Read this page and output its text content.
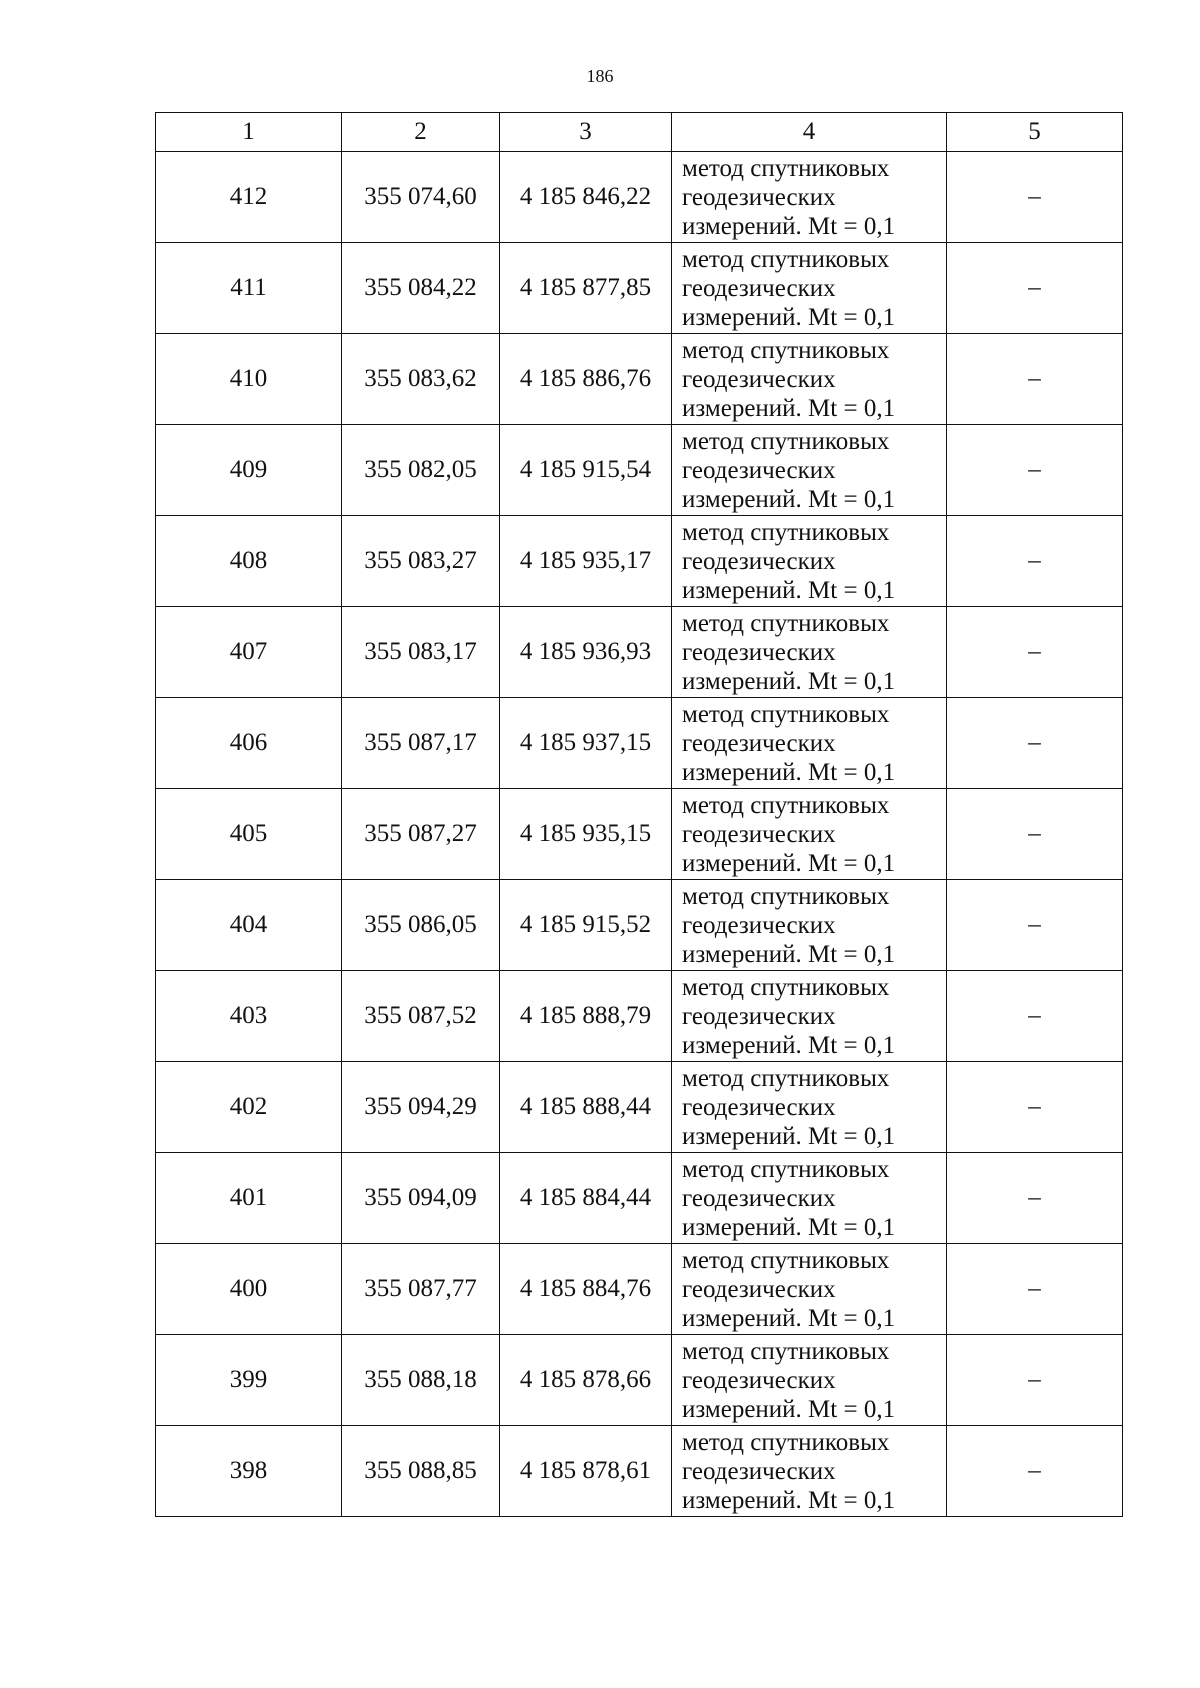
186
1	2	3	4	5
412	355 074,60	4 185 846,22	метод спутниковых
геодезических
измерений. Mt = 0,1	–
411	355 084,22	4 185 877,85	метод спутниковых
геодезических
измерений. Mt = 0,1	–
410	355 083,62	4 185 886,76	метод спутниковых
геодезических
измерений. Mt = 0,1	–
409	355 082,05	4 185 915,54	метод спутниковых
геодезических
измерений. Mt = 0,1	–
408	355 083,27	4 185 935,17	метод спутниковых
геодезических
измерений. Mt = 0,1	–
407	355 083,17	4 185 936,93	метод спутниковых
геодезических
измерений. Mt = 0,1	–
406	355 087,17	4 185 937,15	метод спутниковых
геодезических
измерений. Mt = 0,1	–
405	355 087,27	4 185 935,15	метод спутниковых
геодезических
измерений. Mt = 0,1	–
404	355 086,05	4 185 915,52	метод спутниковых
геодезических
измерений. Mt = 0,1	–
403	355 087,52	4 185 888,79	метод спутниковых
геодезических
измерений. Mt = 0,1	–
402	355 094,29	4 185 888,44	метод спутниковых
геодезических
измерений. Mt = 0,1	–
401	355 094,09	4 185 884,44	метод спутниковых
геодезических
измерений. Mt = 0,1	–
400	355 087,77	4 185 884,76	метод спутниковых
геодезических
измерений. Mt = 0,1	–
399	355 088,18	4 185 878,66	метод спутниковых
геодезических
измерений. Mt = 0,1	–
398	355 088,85	4 185 878,61	метод спутниковых
геодезических
измерений. Mt = 0,1	–
